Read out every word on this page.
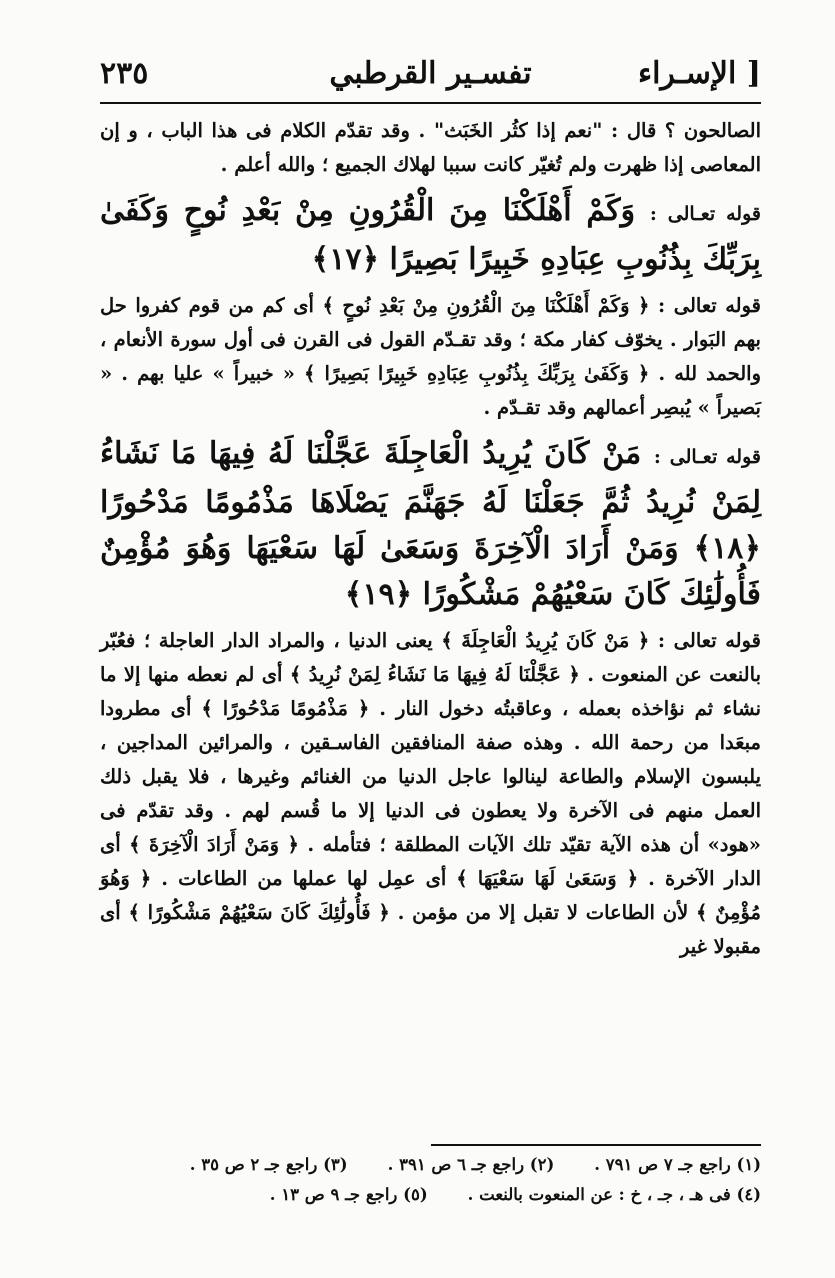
٢٣٥	تفسـير القرطبي	الإسـراء ]

الصالحون ؟ قال : "نعم إذا كثُر الخَبَث" . وقد تقدّم الكلام فى هذا الباب ، و إن المعاصى إذا ظهرت ولم تُغيّر كانت سببا لهلاك الجميع ؛ والله أعلم .

قوله تعـالى : وَكَمْ أَهْلَكْنَا مِنَ الْقُرُونِ مِنْ بَعْدِ نُوحٍ وَكَفَىٰ بِرَبِّكَ بِذُنُوبِ عِبَادِهِ خَبِيرًا بَصِيرًا ﴿١٧﴾

قوله تعالى : ﴿ وَكَمْ أَهْلَكْنَا مِنَ الْقُرُونِ مِنْ بَعْدِ نُوحٍ ﴾ أى كم من قوم كفروا حل بهم البَوار . يخوّف كفار مكة ؛ وقد تقـدّم القول فى القرن فى أول سورة الأنعام ، والحمد لله . ﴿ وَكَفَىٰ بِرَبِّكَ بِذُنُوبِ عِبَادِهِ خَبِيرًا بَصِيرًا ﴾ « خبيراً » عليا بهم . « بَصيراً » يُبصِر أعمالهم وقد تقـدّم .

قوله تعـالى : مَنْ كَانَ يُرِيدُ الْعَاجِلَةَ عَجَّلْنَا لَهُ فِيهَا مَا نَشَاءُ لِمَنْ نُرِيدُ ثُمَّ جَعَلْنَا لَهُ جَهَنَّمَ يَصْلَاهَا مَذْمُومًا مَدْحُورًا ﴿١٨﴾ وَمَنْ أَرَادَ الْآخِرَةَ وَسَعَىٰ لَهَا سَعْيَهَا وَهُوَ مُؤْمِنٌ فَأُولَٰئِكَ كَانَ سَعْيُهُمْ مَشْكُورًا ﴿١٩﴾

قوله تعالى : ﴿ مَنْ كَانَ يُرِيدُ الْعَاجِلَةَ ﴾ يعنى الدنيا ، والمراد الدار العاجلة ؛ فعُبّر بالنعت عن المنعوت . ﴿ عَجَّلْنَا لَهُ فِيهَا مَا نَشَاءُ لِمَنْ نُرِيدُ ﴾ أى لم نعطه منها إلا ما نشاء ثم نؤاخذه بعمله ، وعاقبتُه دخول النار . ﴿ مَذْمُومًا مَدْحُورًا ﴾ أى مطرودا مبعَدا من رحمة الله . وهذه صفة المنافقين الفاسـقين ، والمرائين المداجين ، يلبسون الإسلام والطاعة لينالوا عاجل الدنيا من الغنائم وغيرها ، فلا يقبل ذلك العمل منهم فى الآخرة ولا يعطون فى الدنيا إلا ما قُسم لهم . وقد تقدّم فى «هود» أن هذه الآية تقيّد تلك الآيات المطلقة ؛ فتأمله . ﴿ وَمَنْ أَرَادَ الْآخِرَةَ ﴾ أى الدار الآخرة . ﴿ وَسَعَىٰ لَهَا سَعْيَهَا ﴾ أى عمِل لها عملها من الطاعات . ﴿ وَهُوَ مُؤْمِنٌ ﴾ لأن الطاعات لا تقبل إلا من مؤمن . ﴿ فَأُولَٰئِكَ كَانَ سَعْيُهُمْ مَشْكُورًا ﴾ أى مقبولا غير

(١) راجع جـ ٧ ص ٧٩١ .
(٢) راجع جـ ٦ ص ٣٩١ .
(٣) راجع جـ ٢ ص ٣٥ .
(٤) فى هـ ، جـ ، خ : عن المنعوت بالنعت .
(٥) راجع جـ ٩ ص ١٣ .
